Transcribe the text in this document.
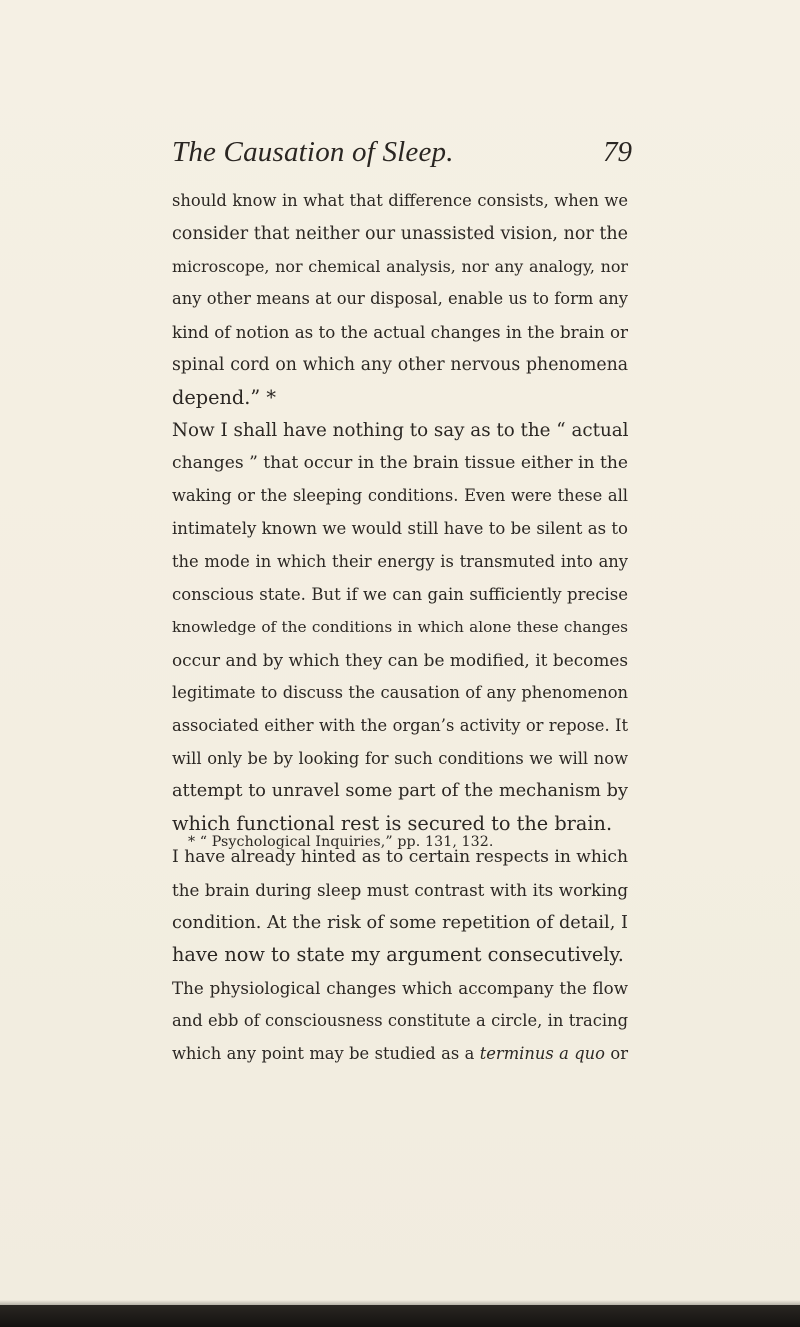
The Causation of Sleep.	79
should know in what that difference consists, when we
consider that neither our unassisted vision, nor the
microscope, nor chemical analysis, nor any analogy, nor
any other means at our disposal, enable us to form any
kind of notion as to the actual changes in the brain or
spinal cord on which any other nervous phenomena
depend.” *
Now I shall have nothing to say as to the “ actual
changes ” that occur in the brain tissue either in the
waking or the sleeping conditions. Even were these all
intimately known we would still have to be silent as to
the mode in which their energy is transmuted into any
conscious state. But if we can gain sufficiently precise
knowledge of the conditions in which alone these changes
occur and by which they can be modified, it becomes
legitimate to discuss the causation of any phenomenon
associated either with the organ’s activity or repose. It
will only be by looking for such conditions we will now
attempt to unravel some part of the mechanism by
which functional rest is secured to the brain.
I have already hinted as to certain respects in which
the brain during sleep must contrast with its working
condition. At the risk of some repetition of detail, I
have now to state my argument consecutively.
The physiological changes which accompany the flow
and ebb of consciousness constitute a circle, in tracing
which any point may be studied as a terminus a quo or
* “ Psychological Inquiries,” pp. 131, 132.
